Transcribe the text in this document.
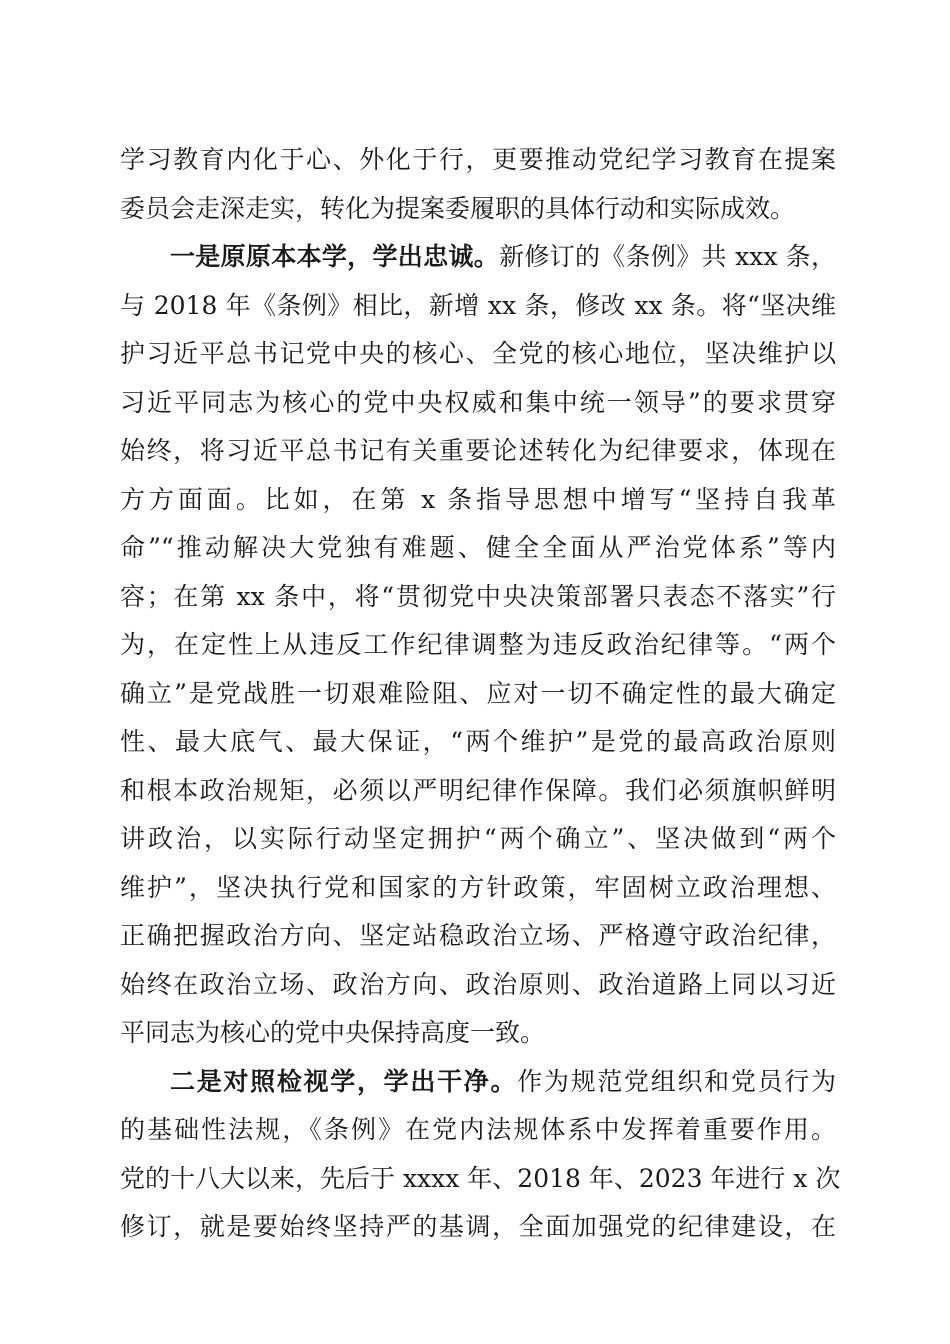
学习教育内化于心、外化于行，更要推动党纪学习教育在提案
委员会走深走实，转化为提案委履职的具体行动和实际成效。
一是原原本本学，学出忠诚。新修订的《条例》共 xxx 条，
与 2018 年《条例》相比，新增 xx 条，修改 xx 条。将“坚决维
护习近平总书记党中央的核心、全党的核心地位，坚决维护以
习近平同志为核心的党中央权威和集中统一领导”的要求贯穿
始终，将习近平总书记有关重要论述转化为纪律要求，体现在
方方面面。比如，在第 x 条指导思想中增写“坚持自我革
命”“推动解决大党独有难题、健全全面从严治党体系”等内
容；在第 xx 条中，将“贯彻党中央决策部署只表态不落实”行
为，在定性上从违反工作纪律调整为违反政治纪律等。“两个
确立”是党战胜一切艰难险阻、应对一切不确定性的最大确定
性、最大底气、最大保证，“两个维护”是党的最高政治原则
和根本政治规矩，必须以严明纪律作保障。我们必须旗帜鲜明
讲政治，以实际行动坚定拥护“两个确立”、坚决做到“两个
维护”，坚决执行党和国家的方针政策，牢固树立政治理想、
正确把握政治方向、坚定站稳政治立场、严格遵守政治纪律，
始终在政治立场、政治方向、政治原则、政治道路上同以习近
平同志为核心的党中央保持高度一致。
二是对照检视学，学出干净。作为规范党组织和党员行为
的基础性法规，《条例》在党内法规体系中发挥着重要作用。
党的十八大以来，先后于 xxxx 年、2018 年、2023 年进行 x 次
修订，就是要始终坚持严的基调，全面加强党的纪律建设，在
